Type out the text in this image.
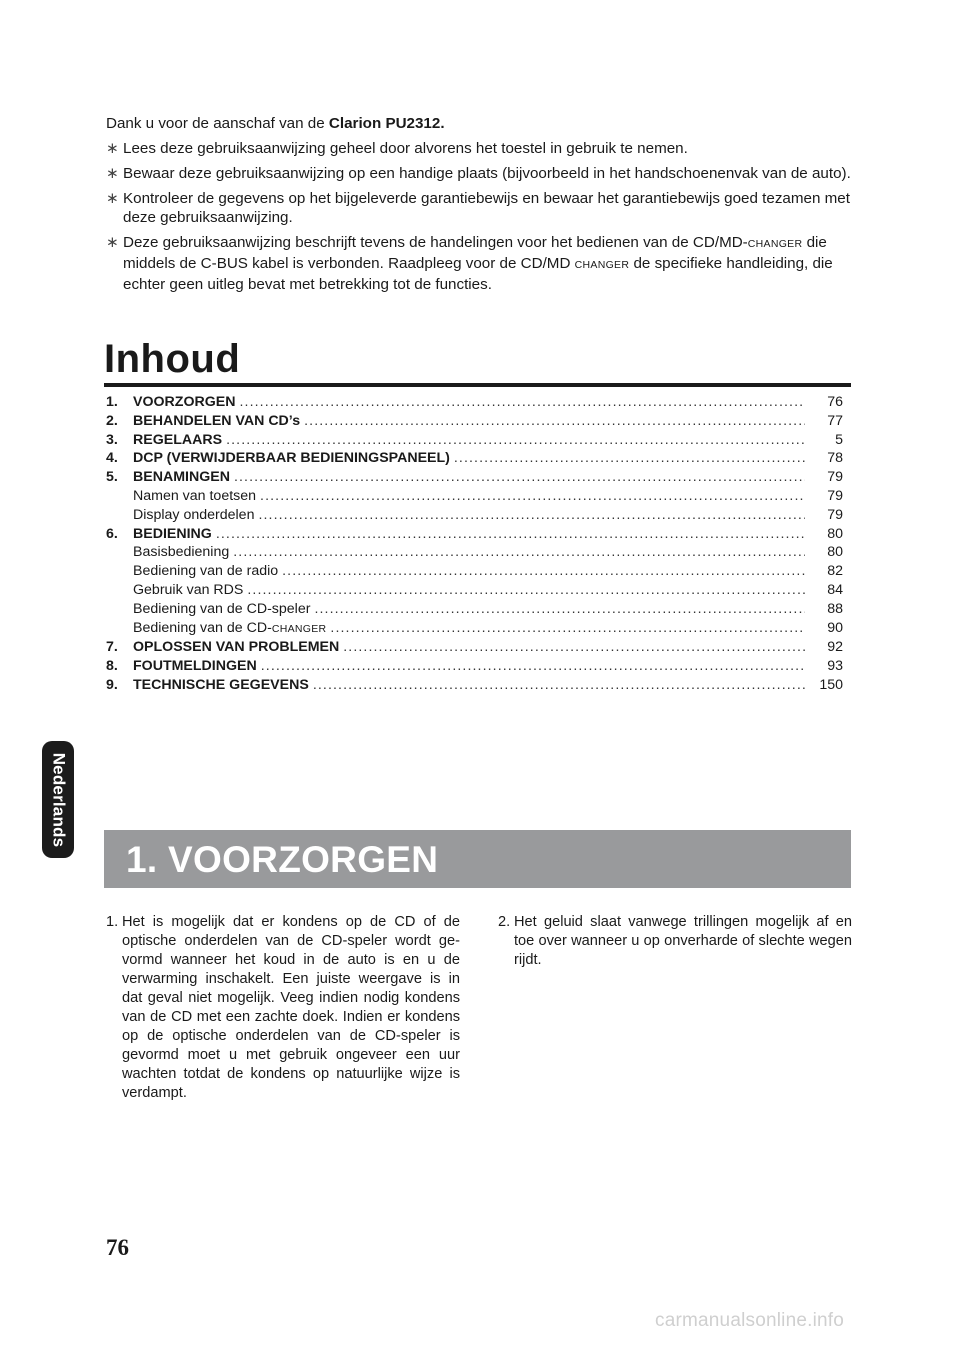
Dank u voor de aanschaf van de Clarion PU2312.

∗ Lees deze gebruiksaanwijzing geheel door alvorens het toestel in gebruik te nemen.

∗ Bewaar deze gebruiksaanwijzing op een handige plaats (bijvoorbeeld in het handschoenenvak van de auto).

∗ Kontroleer de gegevens op het bijgeleverde garantiebewijs en bewaar het garantiebewijs goed tezamen met deze gebruiksaanwijzing.

∗ Deze gebruiksaanwijzing beschrijft tevens de handelingen voor het bedienen van de CD/MD-CHANGER die middels de C-BUS kabel is verbonden. Raadpleeg voor de CD/MD CHANGER de specifieke handleiding, die echter geen uitleg bevat met betrekking tot de functies.

Inhoud
1.	VOORZORGEN .....	76
2.	BEHANDELEN VAN CD’s .....	77
3.	REGELAARS .....	5
4.	DCP (VERWIJDERBAAR BEDIENINGSPANEEL) .....	78
5.	BENAMINGEN .....	79
Namen van toetsen .....	79
Display onderdelen .....	79
6.	BEDIENING .....	80
Basisbediening .....	80
Bediening van de radio .....	82
Gebruik van RDS .....	84
Bediening van de CD-speler .....	88
Bediening van de CD-CHANGER .....	90
7.	OPLOSSEN VAN PROBLEMEN .....	92
8.	FOUTMELDINGEN .....	93
9.	TECHNISCHE GEGEVENS .....	150
Nederlands
1. VOORZORGEN

1. Het is mogelijk dat er kondens op de CD of de optische onderdelen van de CD-speler wordt gevormd wanneer het koud in de auto is en u de verwarming inschakelt. Een juiste weergave is in dat geval niet mogelijk. Veeg indien nodig kondens van de CD met een zachte doek. Indien er kondens op de optische onderdelen van de CD-speler is gevormd moet u met gebruik ongeveer een uur wachten totdat de kondens op natuurlijke wijze is verdampt.

2. Het geluid slaat vanwege trillingen mogelijk af en toe over wanneer u op onverharde of slechte wegen rijdt.

76
carmanualsonline.info
